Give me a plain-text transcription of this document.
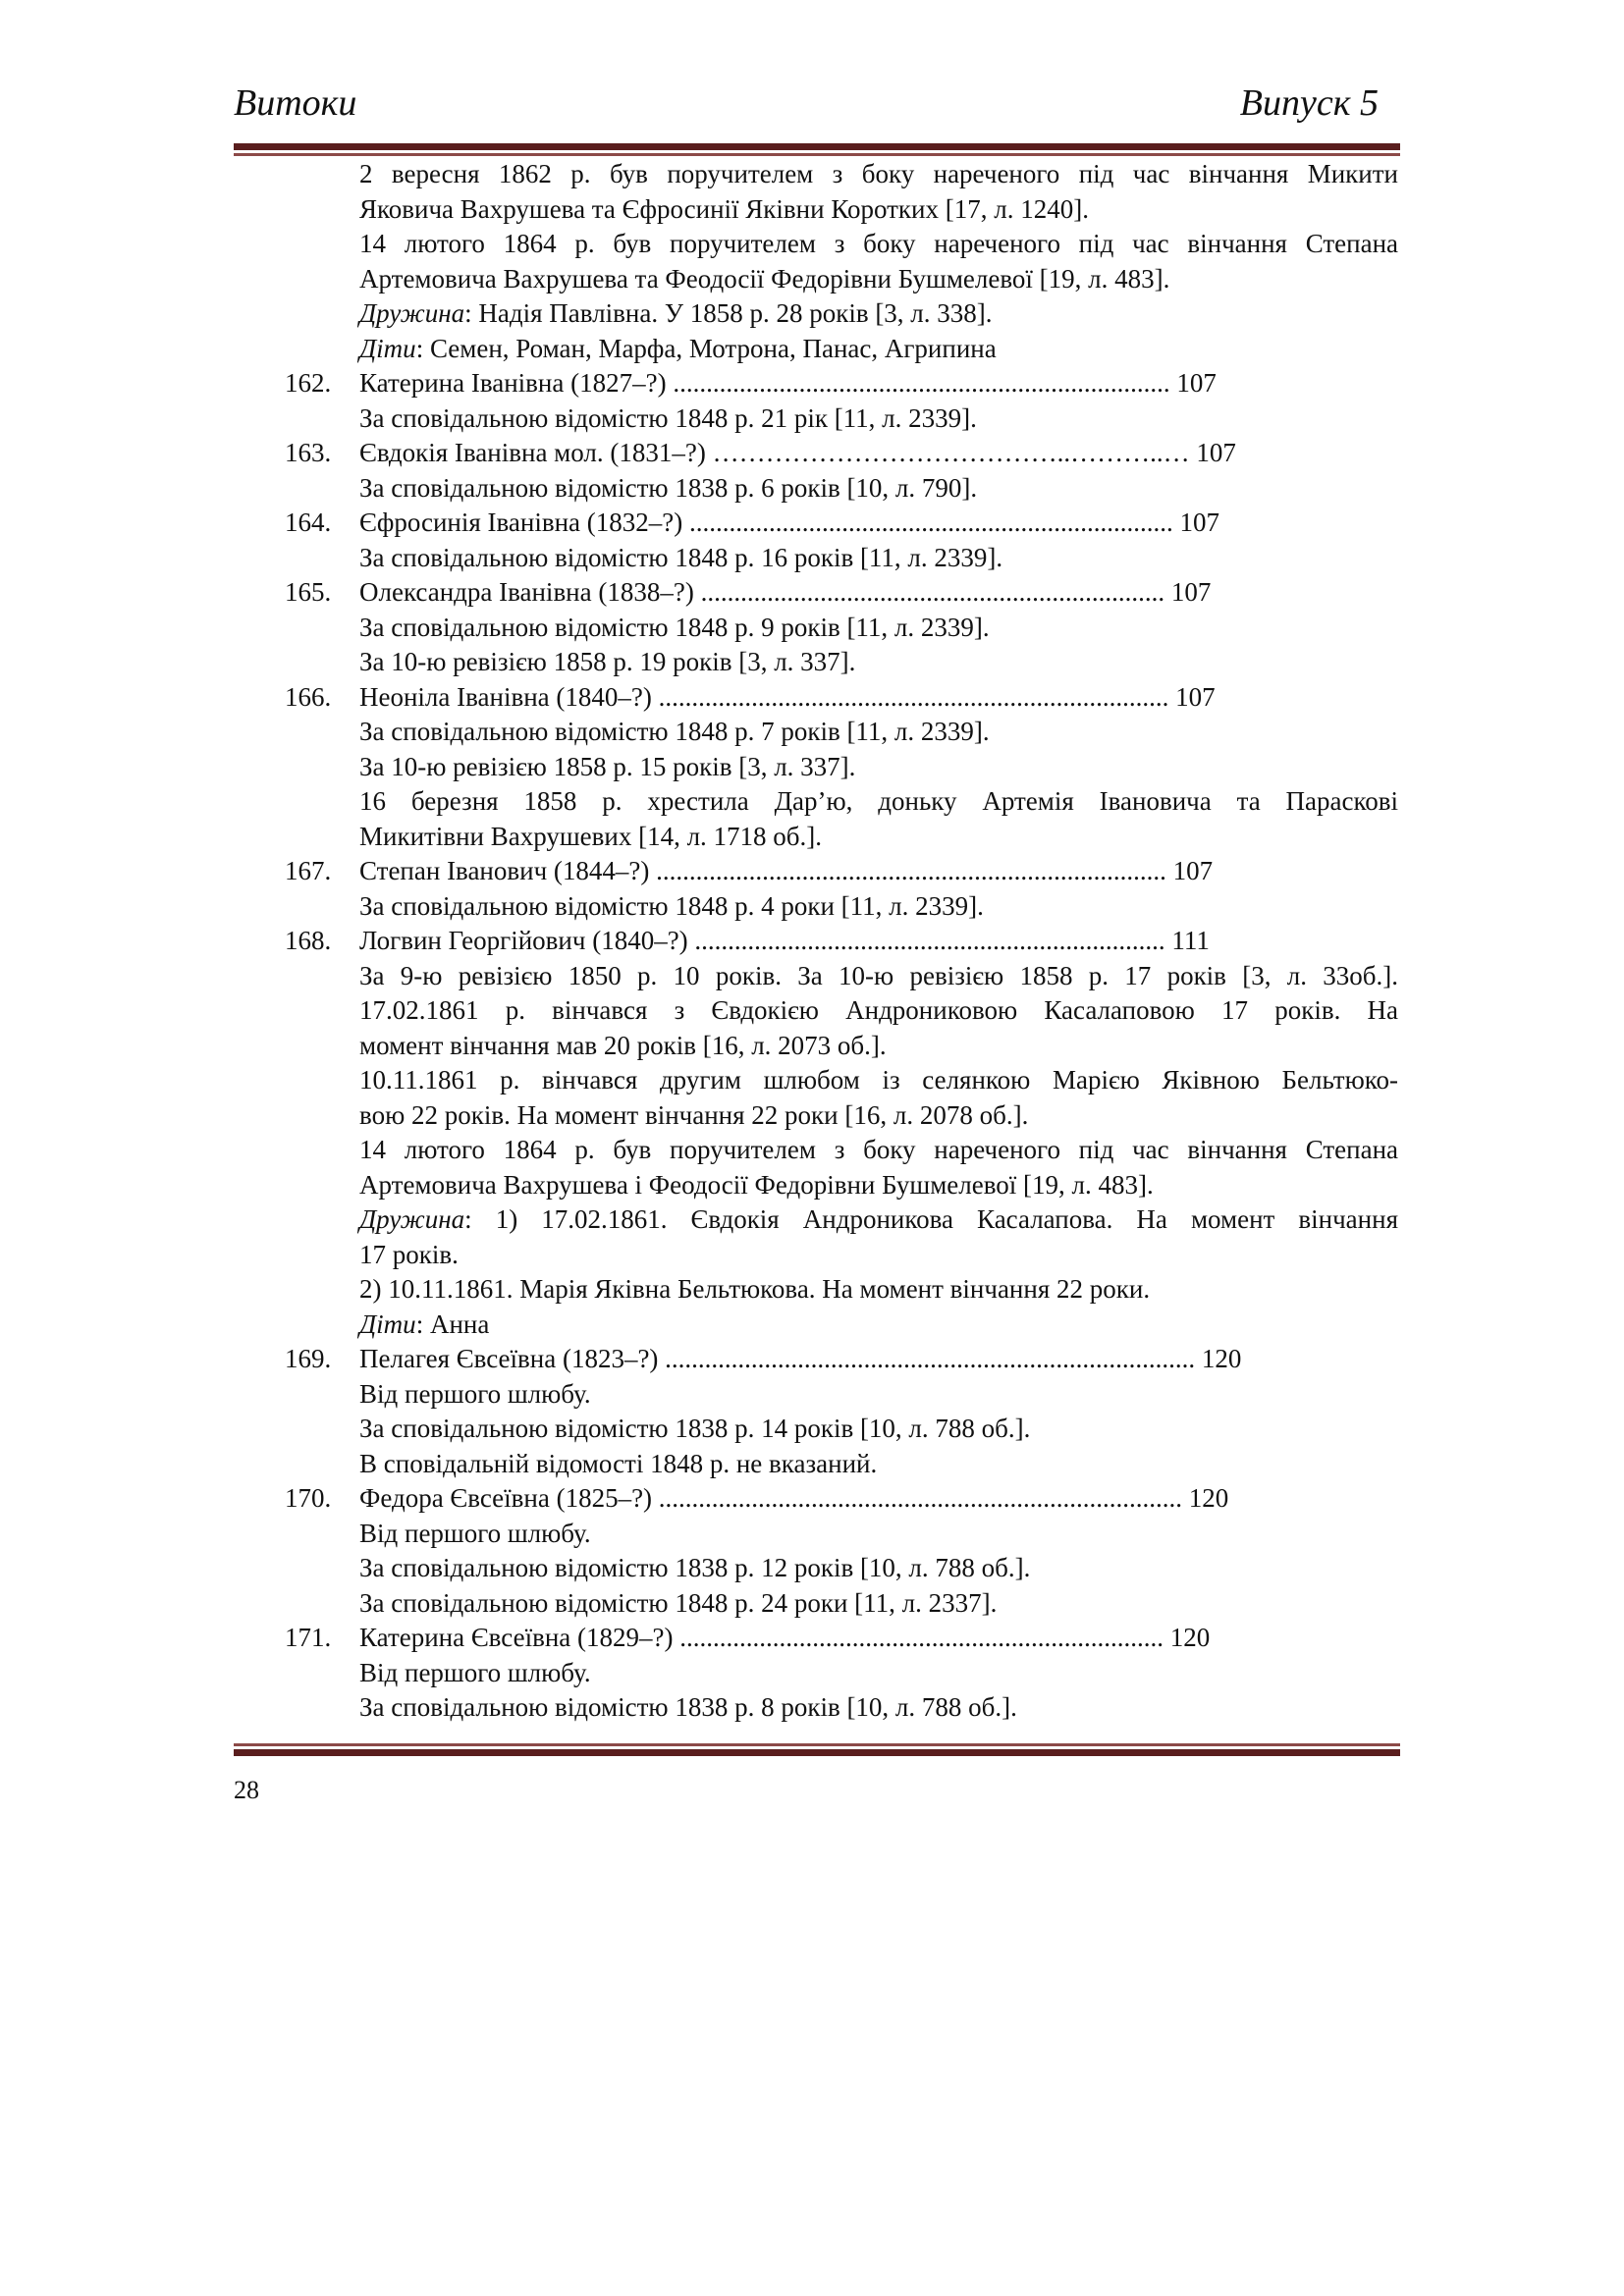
Витоки	Випуск 5
2 вересня 1862 р. був поручителем з боку нареченого під час вінчання Микити
Яковича Вахрушева та Єфросинії Яківни Коротких [17, л. 1240].
14 лютого 1864 р. був поручителем з боку нареченого під час вінчання Степана
Артемовича Вахрушева та Феодосії Федорівни Бушмелевої [19, л. 483].
Дружина: Надія Павлівна. У 1858 р. 28 років [3, л. 338].
Діти: Семен, Роман, Марфа, Мотрона, Панас, Агрипина
162. Катерина Іванівна (1827–?) ........................................................................... 107
За сповідальною відомістю 1848 р. 21 рік [11, л. 2339].
163. Євдокія Іванівна мол. (1831–?) …………………………………..………..… 107
За сповідальною відомістю 1838 р. 6 років [10, л. 790].
164. Єфросинія Іванівна (1832–?) ......................................................................... 107
За сповідальною відомістю 1848 р. 16 років [11, л. 2339].
165. Олександра Іванівна (1838–?) ...................................................................... 107
За сповідальною відомістю 1848 р. 9 років [11, л. 2339].
За 10-ю ревізією 1858 р. 19 років [3, л. 337].
166. Неоніла Іванівна (1840–?) ............................................................................. 107
За сповідальною відомістю 1848 р. 7 років [11, л. 2339].
За 10-ю ревізією 1858 р. 15 років [3, л. 337].
16 березня 1858 р. хрестила Дар’ю, доньку Артемія Івановича та Параскові
Микитівни Вахрушевих [14, л. 1718 об.].
167. Степан Іванович (1844–?) ............................................................................. 107
За сповідальною відомістю 1848 р. 4 роки [11, л. 2339].
168. Логвин Георгійович (1840–?) ....................................................................... 111
За 9-ю ревізією 1850 р. 10 років. За 10-ю ревізією 1858 р. 17 років [3, л. 33об.].
17.02.1861 р. вінчався з Євдокією Андрониковою Касалаповою 17 років. На
момент вінчання мав 20 років [16, л. 2073 об.].
10.11.1861 р. вінчався другим шлюбом із селянкою Марією Яківною Бельтюко-
вою 22 років. На момент вінчання 22 роки [16, л. 2078 об.].
14 лютого 1864 р. був поручителем з боку нареченого під час вінчання Степана
Артемовича Вахрушева і Феодосії Федорівни Бушмелевої [19, л. 483].
Дружина: 1) 17.02.1861. Євдокія Андроникова Касалапова. На момент вінчання
17 років.
2) 10.11.1861. Марія Яківна Бельтюкова. На момент вінчання 22 роки.
Діти: Анна
169. Пелагея Євсеївна (1823–?) ................................................................................ 120
Від першого шлюбу.
За сповідальною відомістю 1838 р. 14 років [10, л. 788 об.].
В сповідальній відомості 1848 р. не вказаний.
170. Федора Євсеївна (1825–?) ............................................................................... 120
Від першого шлюбу.
За сповідальною відомістю 1838 р. 12 років [10, л. 788 об.].
За сповідальною відомістю 1848 р. 24 роки [11, л. 2337].
171. Катерина Євсеївна (1829–?) ......................................................................... 120
Від першого шлюбу.
За сповідальною відомістю 1838 р. 8 років [10, л. 788 об.].
28
